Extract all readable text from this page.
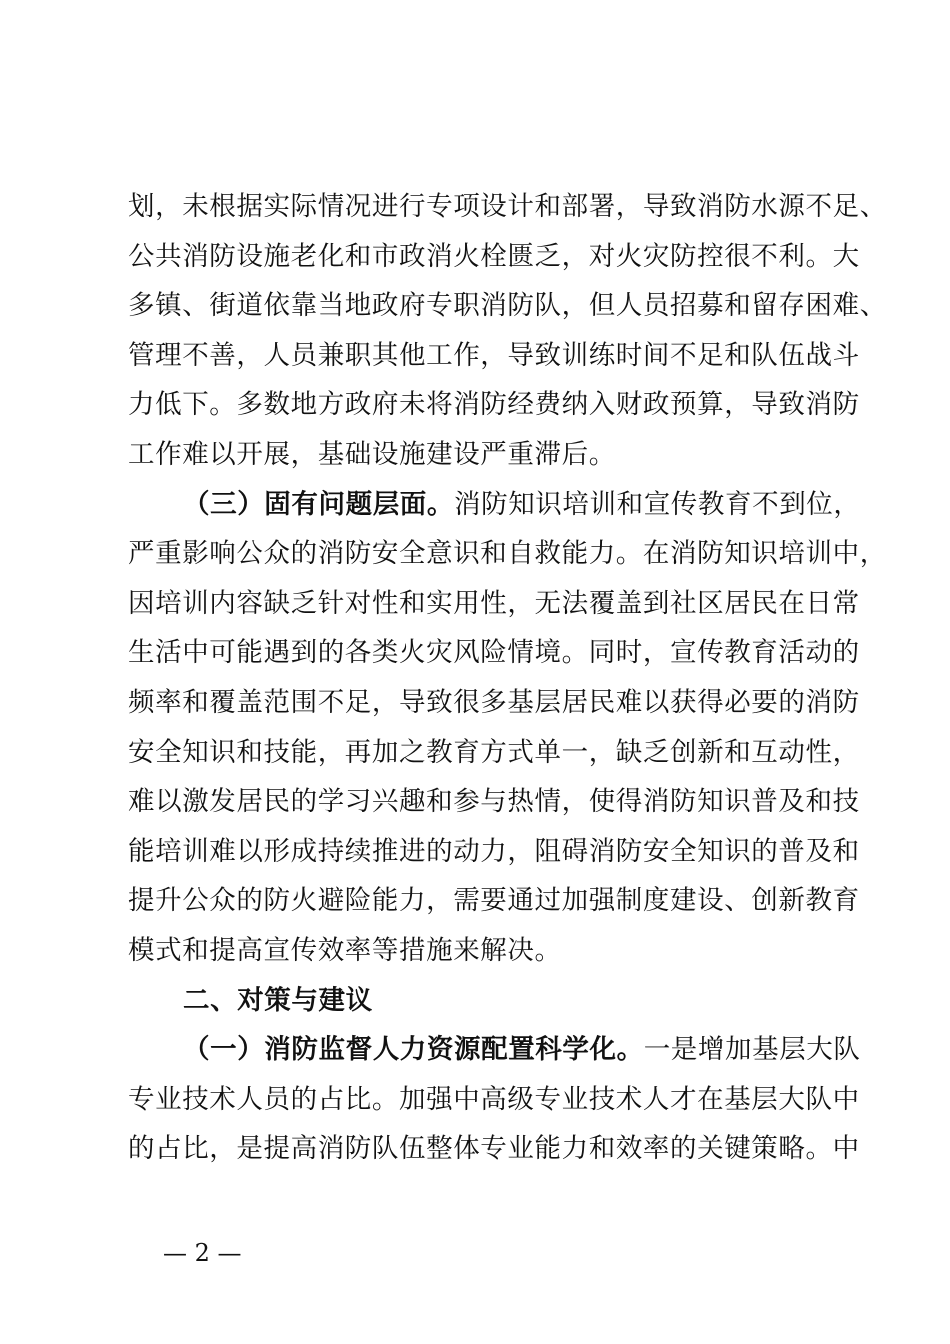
划，未根据实际情况进行专项设计和部署，导致消防水源不足、
公共消防设施老化和市政消火栓匮乏，对火灾防控很不利。大
多镇、街道依靠当地政府专职消防队，但人员招募和留存困难、
管理不善，人员兼职其他工作，导致训练时间不足和队伍战斗
力低下。多数地方政府未将消防经费纳入财政预算，导致消防
工作难以开展，基础设施建设严重滞后。
（三）固有问题层面。消防知识培训和宣传教育不到位，
严重影响公众的消防安全意识和自救能力。在消防知识培训中，
因培训内容缺乏针对性和实用性，无法覆盖到社区居民在日常
生活中可能遇到的各类火灾风险情境。同时，宣传教育活动的
频率和覆盖范围不足，导致很多基层居民难以获得必要的消防
安全知识和技能，再加之教育方式单一，缺乏创新和互动性，
难以激发居民的学习兴趣和参与热情，使得消防知识普及和技
能培训难以形成持续推进的动力，阻碍消防安全知识的普及和
提升公众的防火避险能力，需要通过加强制度建设、创新教育
模式和提高宣传效率等措施来解决。
二、对策与建议
（一）消防监督人力资源配置科学化。一是增加基层大队
专业技术人员的占比。加强中高级专业技术人才在基层大队中
的占比，是提高消防队伍整体专业能力和效率的关键策略。中
— 2 —
